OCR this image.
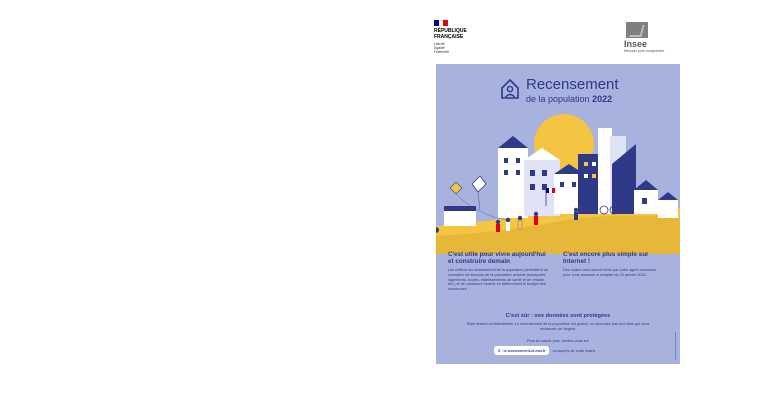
RÉPUBLIQUE
FRANÇAISE
Liberté
Égalité
Fraternité
Insee
Mesurer pour comprendre
Recensement
de la population 2022
C'est utile pour vivre aujourd'hui et construire demain

Les chiffres du recensement de la population permettent de connaître les besoins de la population actuelle (transports, logements, écoles, établissements de santé et de retraite, etc.) et de construire l'avenir en déterminant le budget des communes.

C'est encore plus simple sur Internet !

Des codes vous seront remis par votre agent recenseur pour vous recenser à compter du 20 janvier 2022.

C'est sûr : vos données sont protégées

Elles restent confidentielles. Le recensement de la population est gratuit, ne répondez pas aux sites qui vous réclament de l'argent.

Pour en savoir plus, rendez-vous sur
⌕ le-recensement-et-moi.fr ou auprès de votre mairie
